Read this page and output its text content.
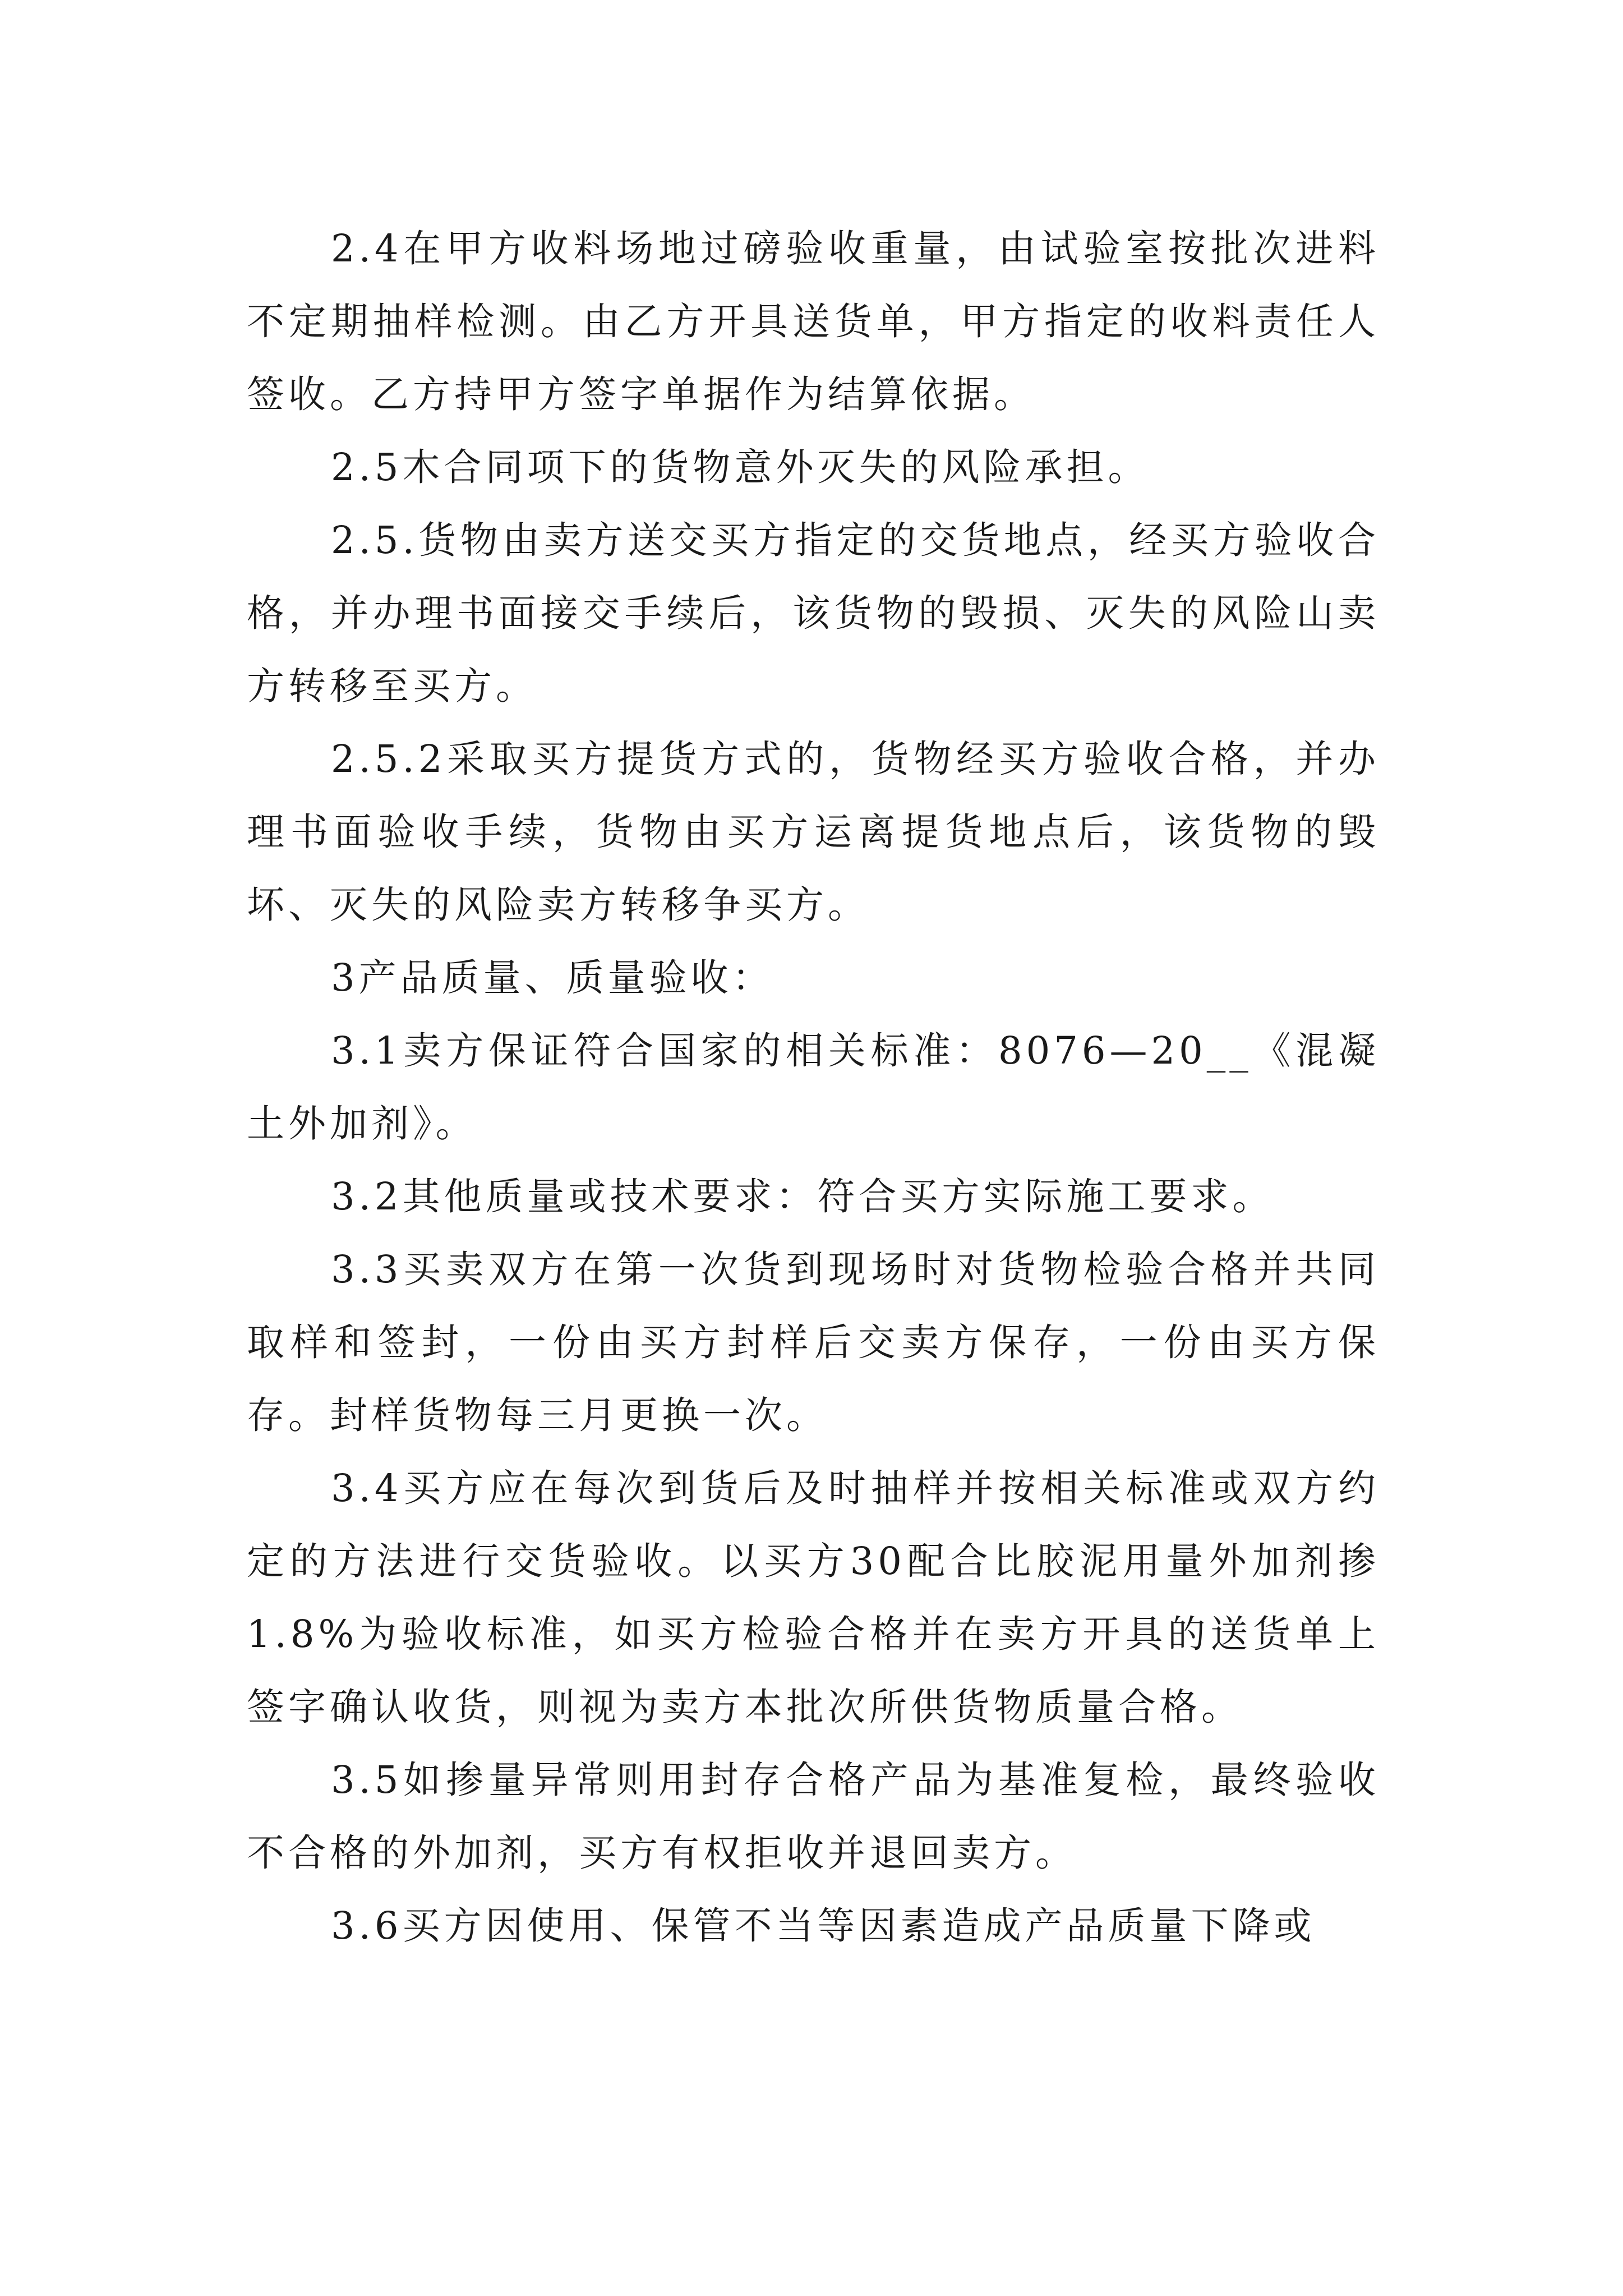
2.4在甲方收料场地过磅验收重量，由试验室按批次进料不定期抽样检测。由乙方开具送货单，甲方指定的收料责任人签收。乙方持甲方签字单据作为结算依据。

2.5木合同项下的货物意外灭失的风险承担。

2.5.货物由卖方送交买方指定的交货地点，经买方验收合格，并办理书面接交手续后，该货物的毁损、灭失的风险山卖方转移至买方。

2.5.2采取买方提货方式的，货物经买方验收合格，并办理书面验收手续，货物由买方运离提货地点后，该货物的毁坏、灭失的风险卖方转移争买方。

3产品质量、质量验收：

3.1卖方保证符合国家的相关标准：8076—20__《混凝土外加剂》。

3.2其他质量或技术要求：符合买方实际施工要求。

3.3买卖双方在第一次货到现场时对货物检验合格并共同取样和签封，一份由买方封样后交卖方保存，一份由买方保存。封样货物每三月更换一次。

3.4买方应在每次到货后及时抽样并按相关标准或双方约定的方法进行交货验收。以买方30配合比胶泥用量外加剂掺1.8%为验收标准，如买方检验合格并在卖方开具的送货单上签字确认收货，则视为卖方本批次所供货物质量合格。

3.5如掺量异常则用封存合格产品为基准复检，最终验收不合格的外加剂，买方有权拒收并退回卖方。

3.6买方因使用、保管不当等因素造成产品质量下降或
